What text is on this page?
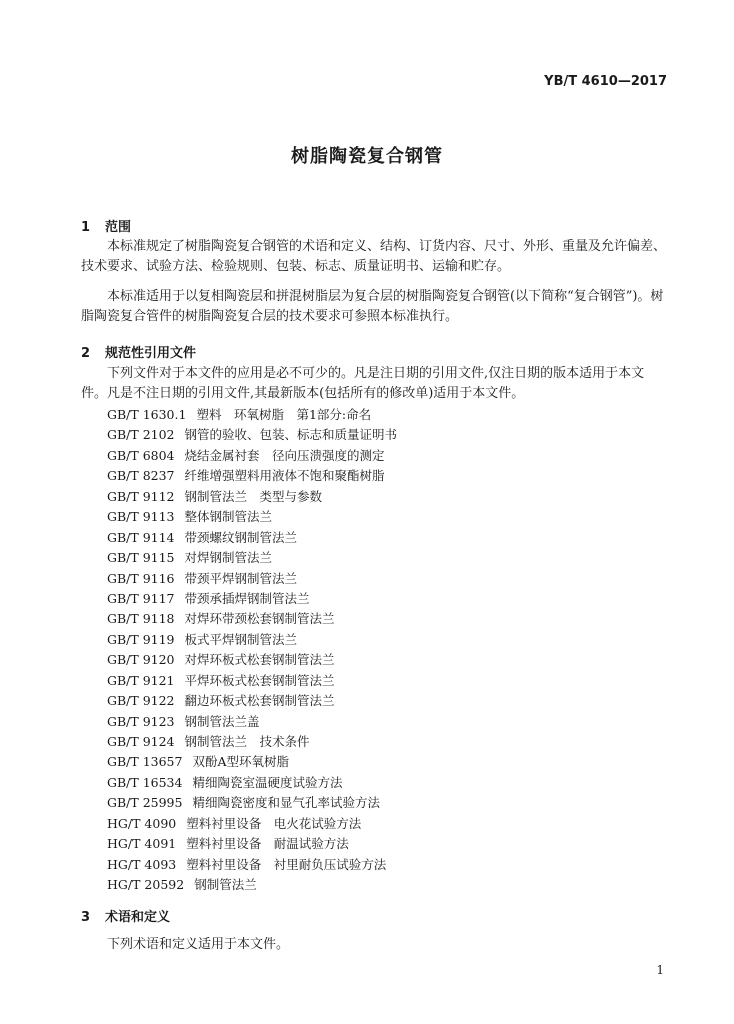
YB/T 4610—2017

树脂陶瓷复合钢管
1 范围

本标准规定了树脂陶瓷复合钢管的术语和定义、结构、订货内容、尺寸、外形、重量及允许偏差、技术要求、试验方法、检验规则、包装、标志、质量证明书、运输和贮存。

本标准适用于以复相陶瓷层和拼混树脂层为复合层的树脂陶瓷复合钢管(以下简称“复合钢管”)。树脂陶瓷复合管件的树脂陶瓷复合层的技术要求可参照本标准执行。

2 规范性引用文件

下列文件对于本文件的应用是必不可少的。凡是注日期的引用文件,仅注日期的版本适用于本文件。凡是不注日期的引用文件,其最新版本(包括所有的修改单)适用于本文件。

GB/T 1630.1 塑料　环氧树脂　第1部分:命名
GB/T 2102 钢管的验收、包装、标志和质量证明书
GB/T 6804 烧结金属衬套　径向压溃强度的测定
GB/T 8237 纤维增强塑料用液体不饱和聚酯树脂
GB/T 9112 钢制管法兰　类型与参数
GB/T 9113 整体钢制管法兰
GB/T 9114 带颈螺纹钢制管法兰
GB/T 9115 对焊钢制管法兰
GB/T 9116 带颈平焊钢制管法兰
GB/T 9117 带颈承插焊钢制管法兰
GB/T 9118 对焊环带颈松套钢制管法兰
GB/T 9119 板式平焊钢制管法兰
GB/T 9120 对焊环板式松套钢制管法兰
GB/T 9121 平焊环板式松套钢制管法兰
GB/T 9122 翻边环板式松套钢制管法兰
GB/T 9123 钢制管法兰盖
GB/T 9124 钢制管法兰　技术条件
GB/T 13657 双酚A型环氧树脂
GB/T 16534 精细陶瓷室温硬度试验方法
GB/T 25995 精细陶瓷密度和显气孔率试验方法
HG/T 4090 塑料衬里设备　电火花试验方法
HG/T 4091 塑料衬里设备　耐温试验方法
HG/T 4093 塑料衬里设备　衬里耐负压试验方法
HG/T 20592 钢制管法兰
3 术语和定义

下列术语和定义适用于本文件。

1
